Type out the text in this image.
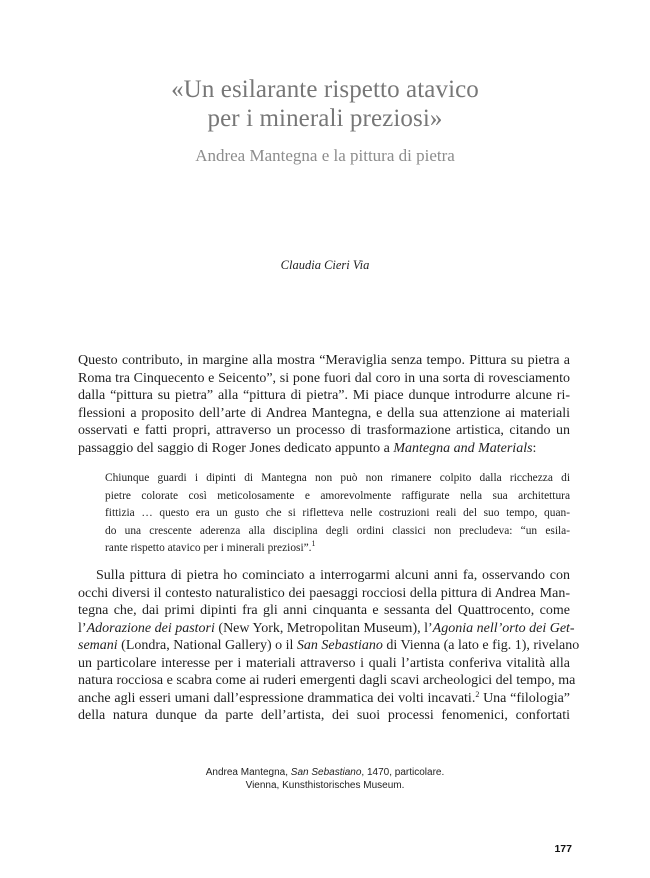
«Un esilarante rispetto atavico
per i minerali preziosi»
Andrea Mantegna e la pittura di pietra
Claudia Cieri Via
Questo contributo, in margine alla mostra “Meraviglia senza tempo. Pittura su pietra a
Roma tra Cinquecento e Seicento”, si pone fuori dal coro in una sorta di rovesciamento
dalla “pittura su pietra” alla “pittura di pietra”. Mi piace dunque introdurre alcune ri-
flessioni a proposito dell’arte di Andrea Mantegna, e della sua attenzione ai materiali
osservati e fatti propri, attraverso un processo di trasformazione artistica, citando un
passaggio del saggio di Roger Jones dedicato appunto a Mantegna and Materials:
Chiunque guardi i dipinti di Mantegna non può non rimanere colpito dalla ricchezza di
pietre colorate così meticolosamente e amorevolmente raffigurate nella sua architettura
fittizia … questo era un gusto che si rifletteva nelle costruzioni reali del suo tempo, quan-
do una crescente aderenza alla disciplina degli ordini classici non precludeva: “un esila-
rante rispetto atavico per i minerali preziosi”.$^1$
Sulla pittura di pietra ho cominciato a interrogarmi alcuni anni fa, osservando con
occhi diversi il contesto naturalistico dei paesaggi rocciosi della pittura di Andrea Man-
tegna che, dai primi dipinti fra gli anni cinquanta e sessanta del Quattrocento, come
l’Adorazione dei pastori (New York, Metropolitan Museum), l’Agonia nell’orto dei Get-
semani (Londra, National Gallery) o il San Sebastiano di Vienna (a lato e fig. 1), rivelano
un particolare interesse per i materiali attraverso i quali l’artista conferiva vitalità alla
natura rocciosa e scabra come ai ruderi emergenti dagli scavi archeologici del tempo, ma
anche agli esseri umani dall’espressione drammatica dei volti incavati.$^2$ Una “filologia”
della natura dunque da parte dell’artista, dei suoi processi fenomenici, confortati
Andrea Mantegna, San Sebastiano, 1470, particolare.
Vienna, Kunsthistorisches Museum.
177
